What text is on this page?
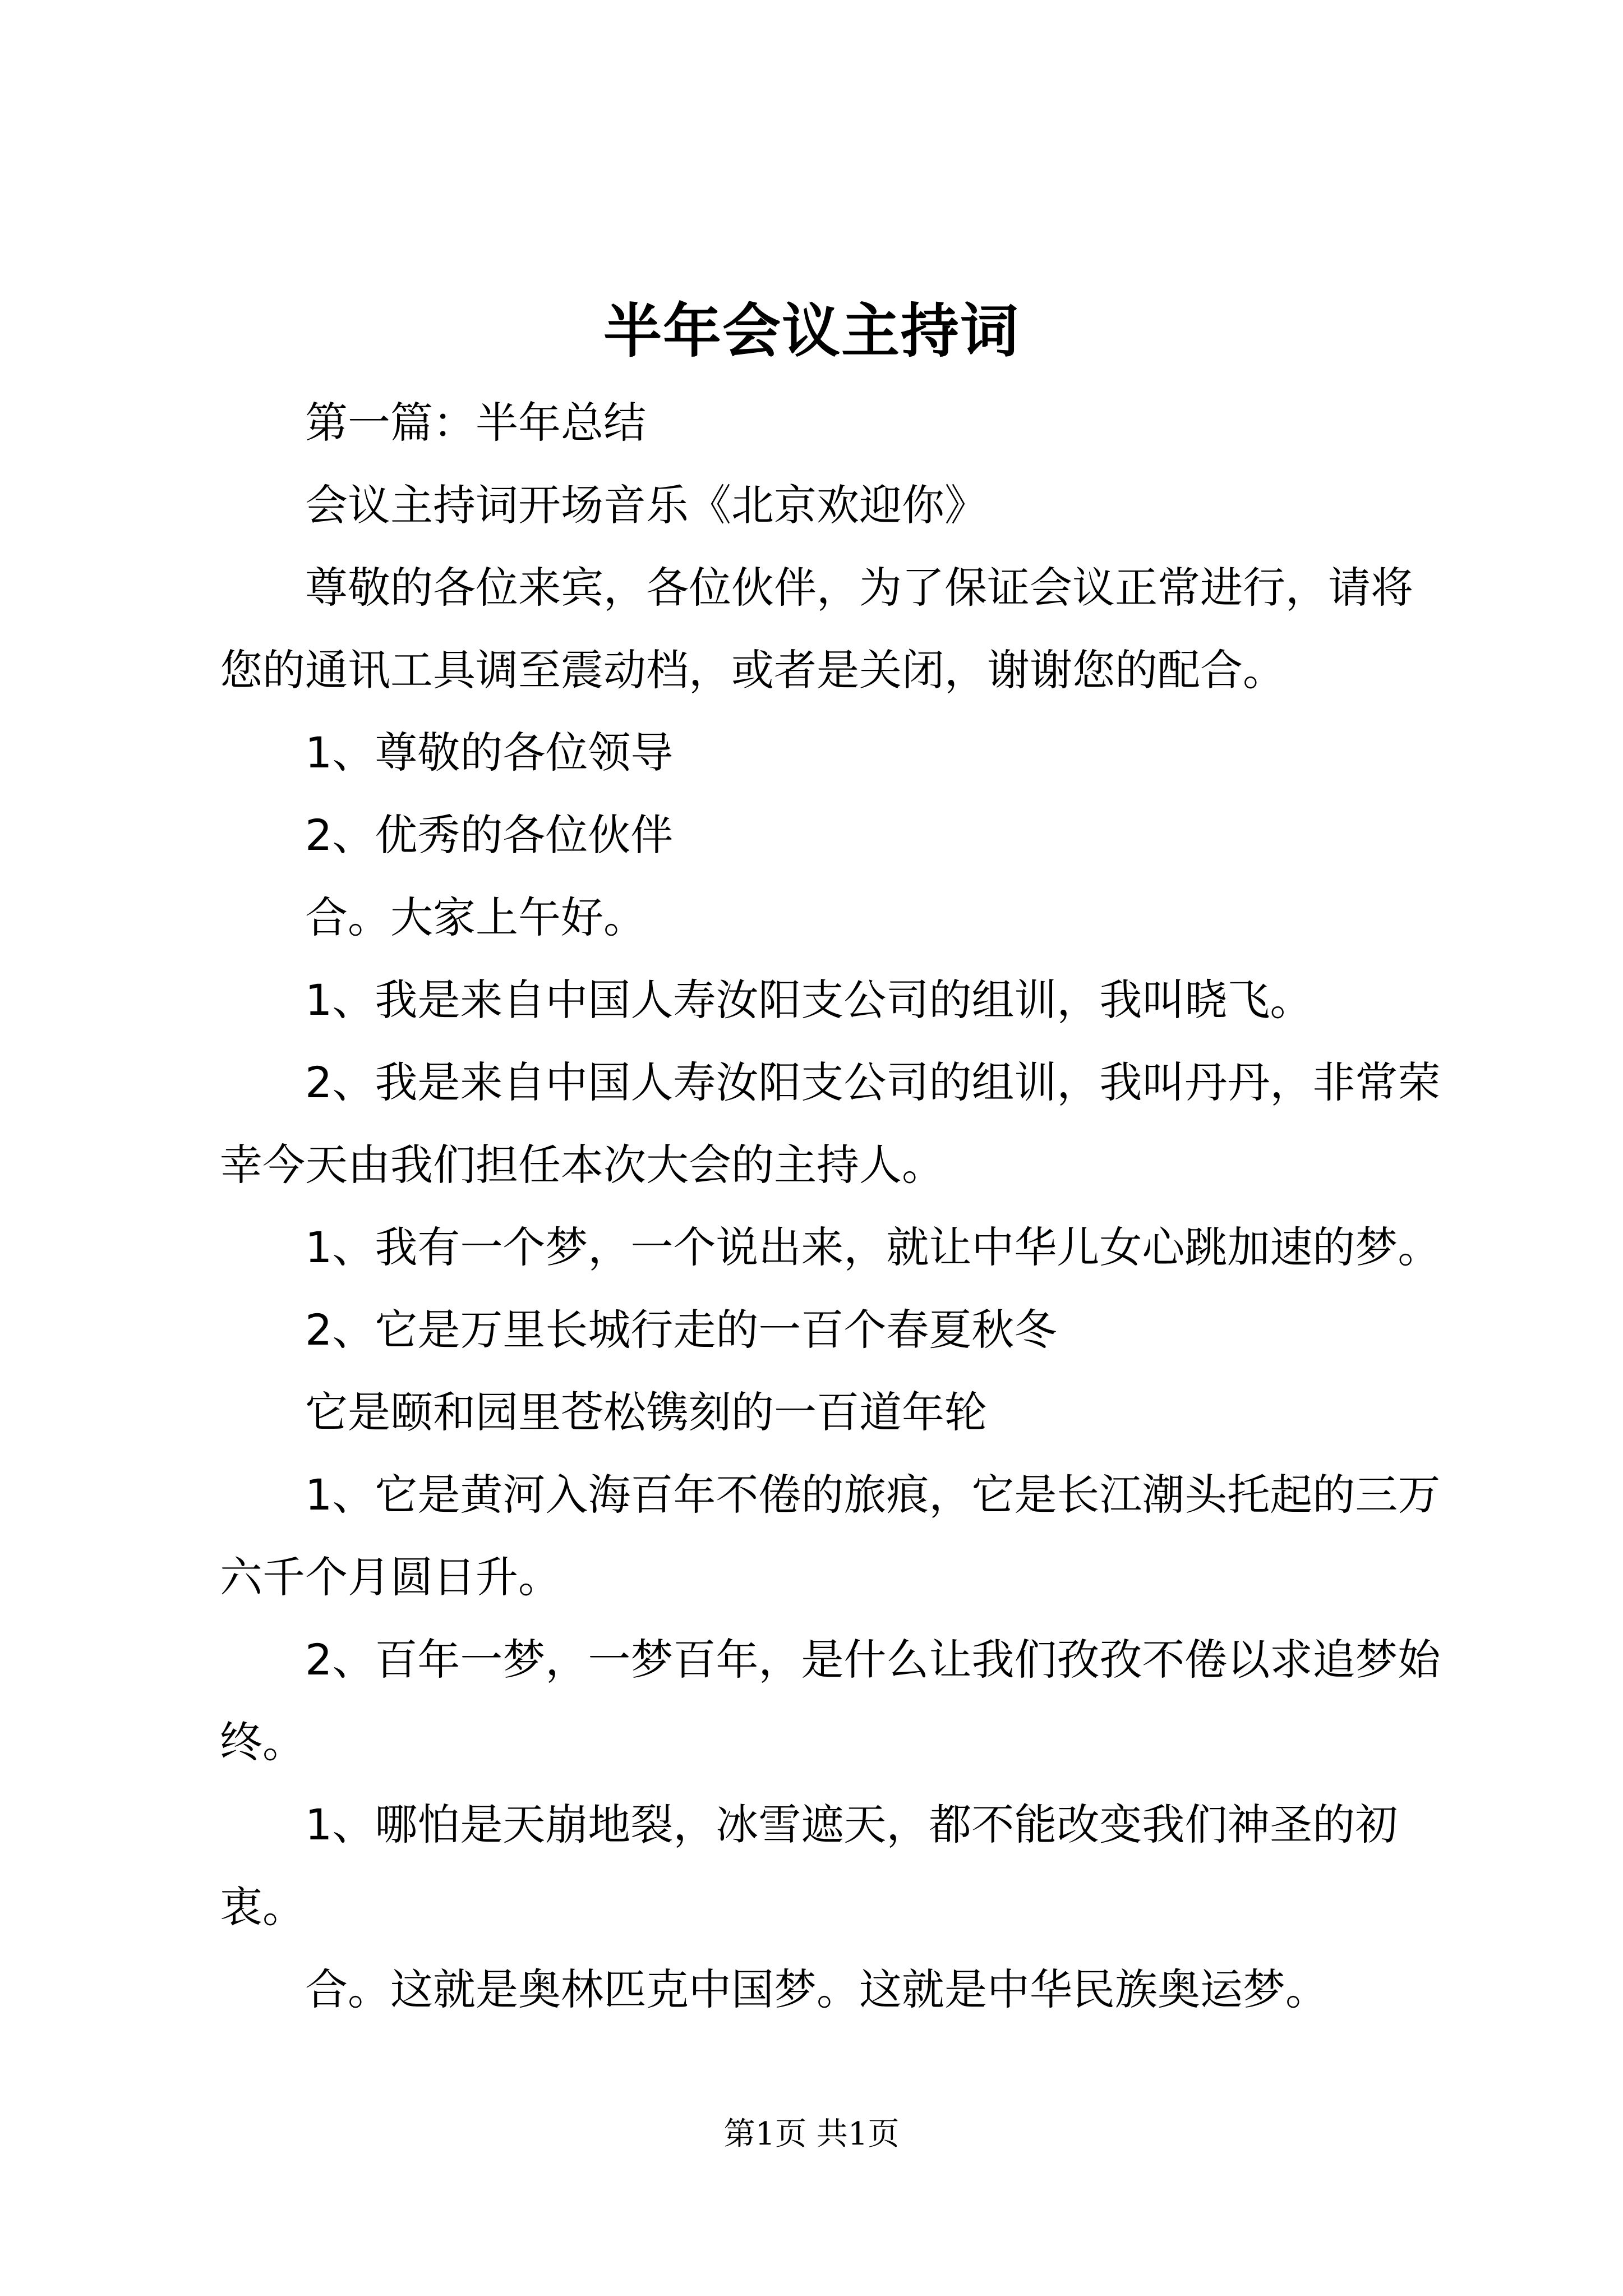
半年会议主持词

第一篇：半年总结

会议主持词开场音乐《北京欢迎你》

尊敬的各位来宾，各位伙伴，为了保证会议正常进行，请将您的通讯工具调至震动档，或者是关闭，谢谢您的配合。

1、尊敬的各位领导

2、优秀的各位伙伴

合。大家上午好。

1、我是来自中国人寿汝阳支公司的组训，我叫晓飞。

2、我是来自中国人寿汝阳支公司的组训，我叫丹丹，非常荣幸今天由我们担任本次大会的主持人。

1、我有一个梦，一个说出来，就让中华儿女心跳加速的梦。

2、它是万里长城行走的一百个春夏秋冬

它是颐和园里苍松镌刻的一百道年轮

1、它是黄河入海百年不倦的旅痕，它是长江潮头托起的三万六千个月圆日升。

2、百年一梦，一梦百年，是什么让我们孜孜不倦以求追梦始终。

1、哪怕是天崩地裂，冰雪遮天，都不能改变我们神圣的初衷。

合。这就是奥林匹克中国梦。这就是中华民族奥运梦。

第1页 共1页
